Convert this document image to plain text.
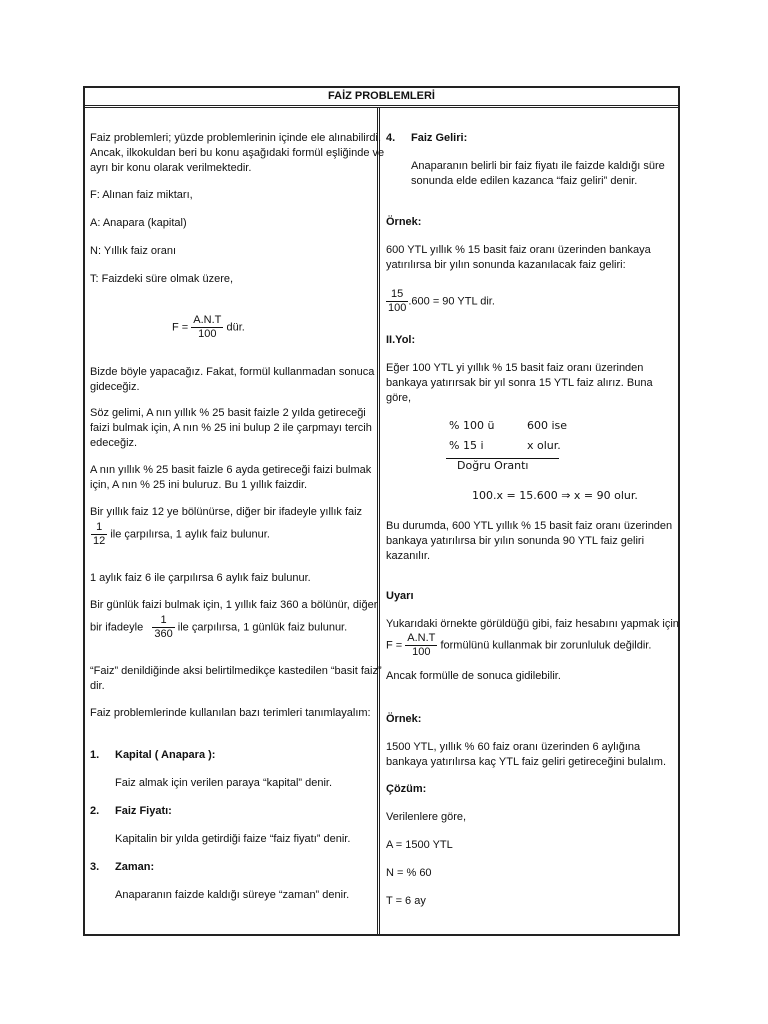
FAİZ PROBLEMLERİ

Faiz problemleri; yüzde problemlerinin içinde ele alınabilirdi.

Ancak, ilkokuldan beri bu konu aşağıdaki formül eşliğinde ve

ayrı bir konu olarak verilmektedir.

F: Alınan faiz miktarı,

A: Anapara (kapital)

N: Yıllık faiz oranı

T: Faizdeki süre olmak üzere,

$F = \frac{A.N.T}{100}$ dür.

Bizde böyle yapacağız. Fakat, formül kullanmadan sonuca

gideceğiz.

Söz gelimi, A nın yıllık % 25 basit faizle 2 yılda getireceği

faizi bulmak için, A nın % 25 ini bulup 2 ile çarpmayı tercih

edeceğiz.

A nın yıllık % 25 basit faizle 6 ayda getireceği faizi bulmak

için, A nın % 25 ini buluruz. Bu 1 yıllık faizdir.

Bir yıllık faiz 12 ye bölünürse, diğer bir ifadeyle yıllık faiz

$\frac{1}{12}$ ile çarpılırsa, 1 aylık faiz bulunur.

1 aylık faiz 6 ile çarpılırsa 6 aylık faiz bulunur.

Bir günlük faizi bulmak için, 1 yıllık faiz 360 a bölünür, diğer

bir ifadeyle $\frac{1}{360}$ ile çarpılırsa, 1 günlük faiz bulunur.

“Faiz” denildiğinde aksi belirtilmedikçe kastedilen “basit faiz”

dir.

Faiz problemlerinde kullanılan bazı terimleri tanımlayalım:

1. Kapital ( Anapara ):

Faiz almak için verilen paraya “kapital” denir.

2. Faiz Fiyatı:

Kapitalin bir yılda getirdiği faize “faiz fiyatı” denir.

3. Zaman:

Anaparanın faizde kaldığı süreye “zaman” denir.

4. Faiz Geliri:

Anaparanın belirli bir faiz fiyatı ile faizde kaldığı süre

sonunda elde edilen kazanca “faiz geliri” denir.

Örnek:

600 YTL yıllık % 15 basit faiz oranı üzerinden bankaya

yatırılırsa bir yılın sonunda kazanılacak faiz geliri:

$\frac{15}{100} .600 = 90$ YTL dir.

II.Yol:

Eğer 100 YTL yi yıllık % 15 basit faiz oranı üzerinden

bankaya yatırırsak bir yıl sonra 15 YTL faiz alırız. Buna

göre,

% 100 ü	600 ise

% 15 i	x olur.

Doğru Orantı

100.x = 15.600 ⇒ x = 90 olur.

Bu durumda, 600 YTL yıllık % 15 basit faiz oranı üzerinden

bankaya yatırılırsa bir yılın sonunda 90 YTL faiz geliri

kazanılır.

Uyarı

Yukarıdaki örnekte görüldüğü gibi, faiz hesabını yapmak için

$F = \frac{A.N.T}{100}$ formülünü kullanmak bir zorunluluk değildir.

Ancak formülle de sonuca gidilebilir.

Örnek:

1500 YTL, yıllık % 60 faiz oranı üzerinden 6 aylığına

bankaya yatırılırsa kaç YTL faiz geliri getireceğini bulalım.

Çözüm:

Verilenlere göre,

A = 1500 YTL

N = % 60

T = 6 ay
